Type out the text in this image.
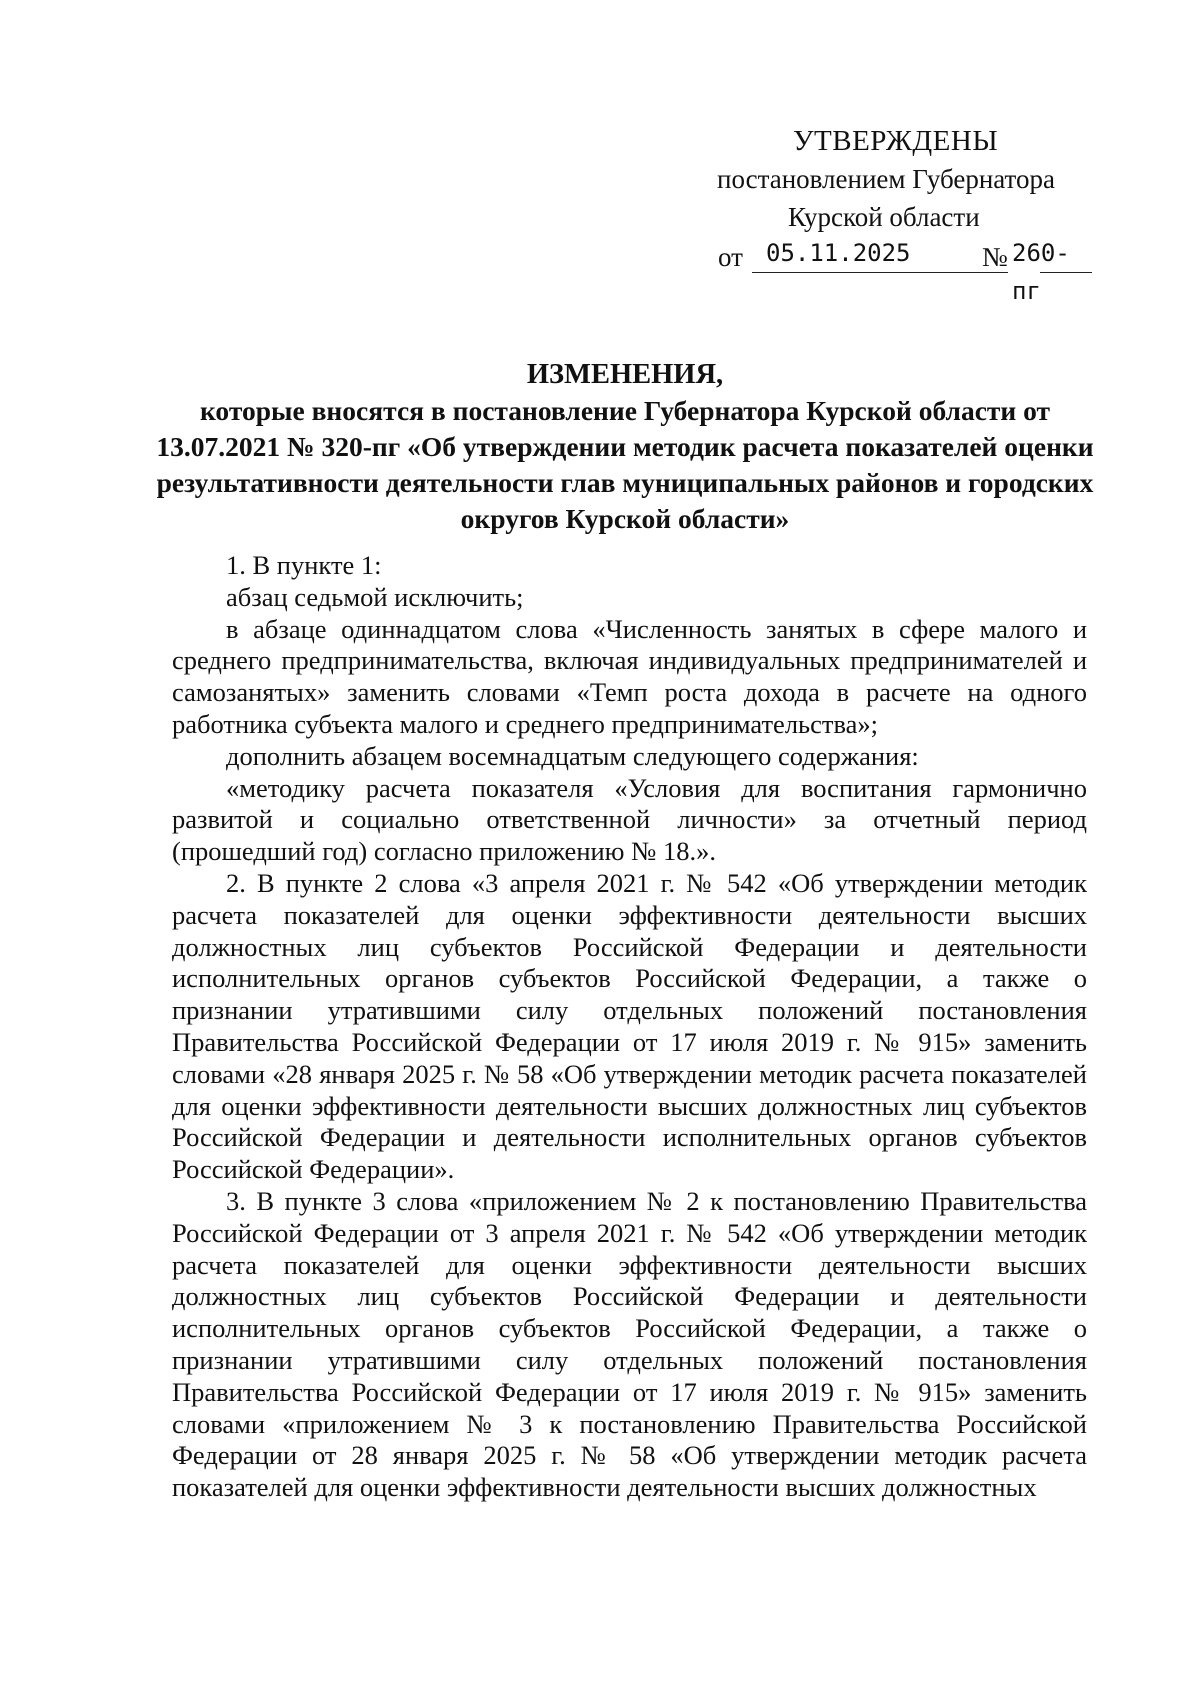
УТВЕРЖДЕНЫ
постановлением Губернатора
Курской области
от 05.11.2025	№ 260-пг
ИЗМЕНЕНИЯ,
которые вносятся в постановление Губернатора Курской области от 13.07.2021 № 320-пг «Об утверждении методик расчета показателей оценки результативности деятельности глав муниципальных районов и городских округов Курской области»

1. В пункте 1:

абзац седьмой исключить;

в абзаце одиннадцатом слова «Численность занятых в сфере малого и среднего предпринимательства, включая индивидуальных предпринимателей и самозанятых» заменить словами «Темп роста дохода в расчете на одного работника субъекта малого и среднего предпринимательства»;

дополнить абзацем восемнадцатым следующего содержания:

«методику расчета показателя «Условия для воспитания гармонично развитой и социально ответственной личности» за отчетный период (прошедший год) согласно приложению № 18.».

2. В пункте 2 слова «3 апреля 2021 г. № 542 «Об утверждении методик расчета показателей для оценки эффективности деятельности высших должностных лиц субъектов Российской Федерации и деятельности исполнительных органов субъектов Российской Федерации, а также о признании утратившими силу отдельных положений постановления Правительства Российской Федерации от 17 июля 2019 г. № 915» заменить словами «28 января 2025 г. № 58 «Об утверждении методик расчета показателей для оценки эффективности деятельности высших должностных лиц субъектов Российской Федерации и деятельности исполнительных органов субъектов Российской Федерации».

3. В пункте 3 слова «приложением № 2 к постановлению Правительства Российской Федерации от 3 апреля 2021 г. № 542 «Об утверждении методик расчета показателей для оценки эффективности деятельности высших должностных лиц субъектов Российской Федерации и деятельности исполнительных органов субъектов Российской Федерации, а также о признании утратившими силу отдельных положений постановления Правительства Российской Федерации от 17 июля 2019 г. № 915» заменить словами «приложением № 3 к постановлению Правительства Российской Федерации от 28 января 2025 г. № 58 «Об утверждении методик расчета показателей для оценки эффективности деятельности высших должностных
